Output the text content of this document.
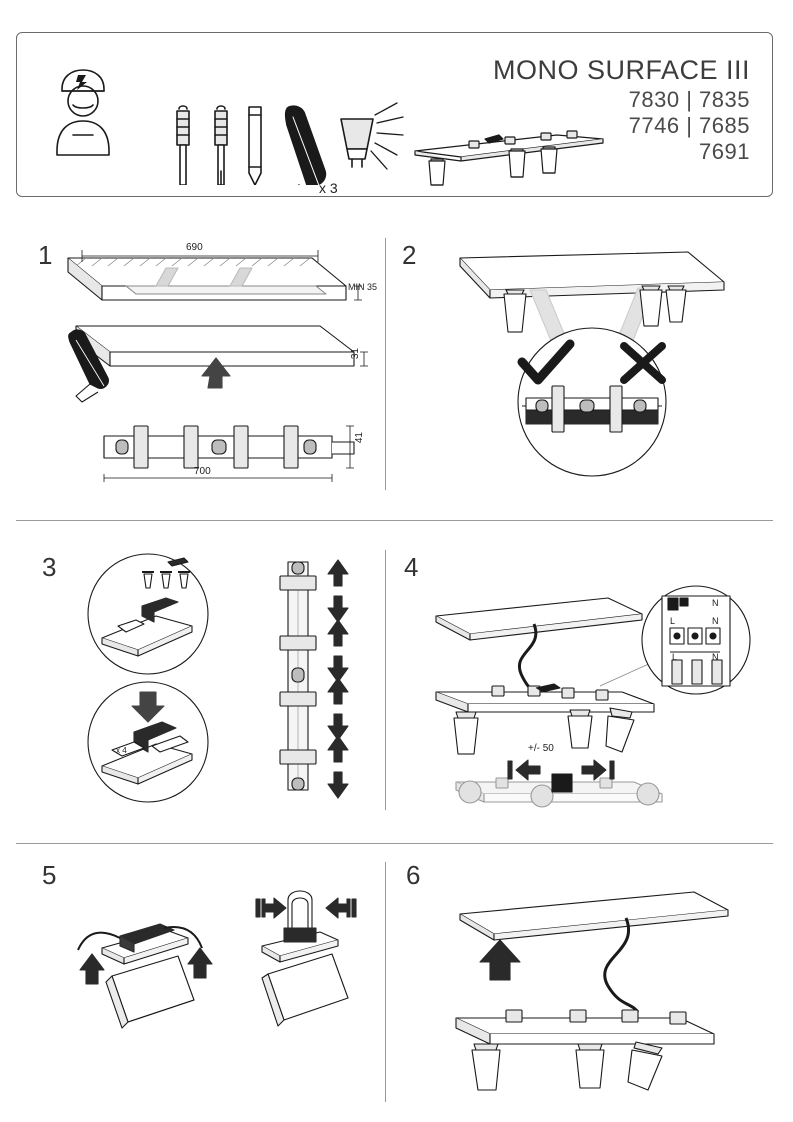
x 3
MONO SURFACE III
7830 | 7835
7746 | 7685
7691
1	690
MIN 35
31
700
41
2
3
x 4
4
N	N
L	N
L	N
+/- 50
5	6
